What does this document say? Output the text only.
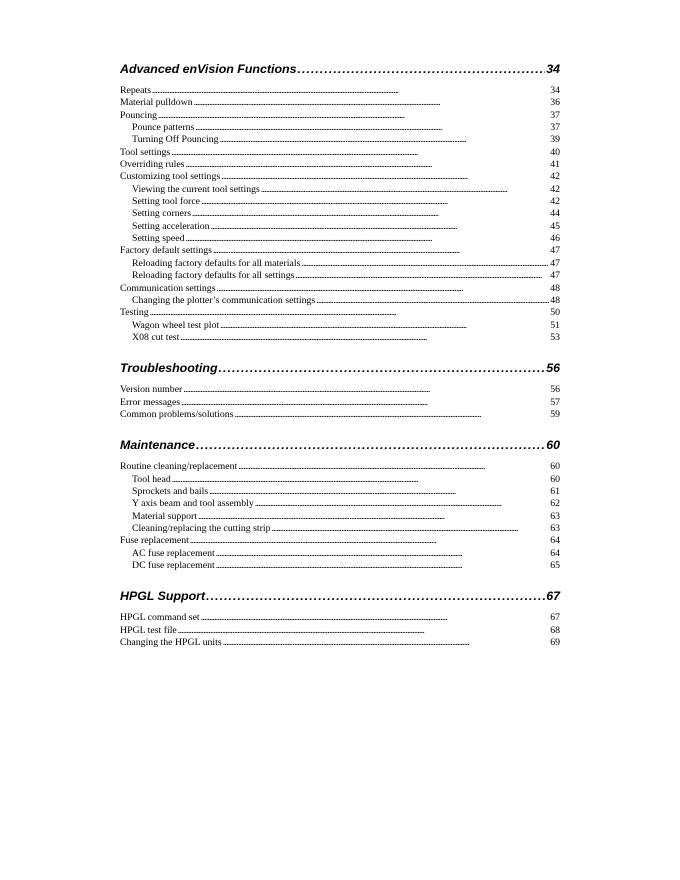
Advanced enVision Functions . . .	34
Repeats . . .	34
Material pulldown . . .	36
Pouncing . . .	37
Pounce patterns . . .	37
Turning Off Pouncing . . .	39
Tool settings . . .	40
Overriding rules . . .	41
Customizing tool settings . . .	42
Viewing the current tool settings . . .	42
Setting tool force . . .	42
Setting corners . . .	44
Setting acceleration . . .	45
Setting speed . . .	46
Factory default settings . . .	47
Reloading factory defaults for all materials . . .	47
Reloading factory defaults for all settings . . .	47
Communication settings . . .	48
Changing the plotter’s communication settings . . .	48
Testing . . .	50
Wagon wheel test plot . . .	51
X08 cut test . . .	53
Troubleshooting . . .	56
Version number . . .	56
Error messages . . .	57
Common problems/solutions . . .	59
Maintenance . . .	60
Routine cleaning/replacement . . .	60
Tool head . . .	60
Sprockets and bails . . .	61
Y axis beam and tool assembly . . .	62
Material support . . .	63
Cleaning/replacing the cutting strip . . .	63
Fuse replacement . . .	64
AC fuse replacement . . .	64
DC fuse replacement . . .	65
HPGL Support . . .	67
HPGL command set . . .	67
HPGL test file . . .	68
Changing the HPGL units . . .	69
